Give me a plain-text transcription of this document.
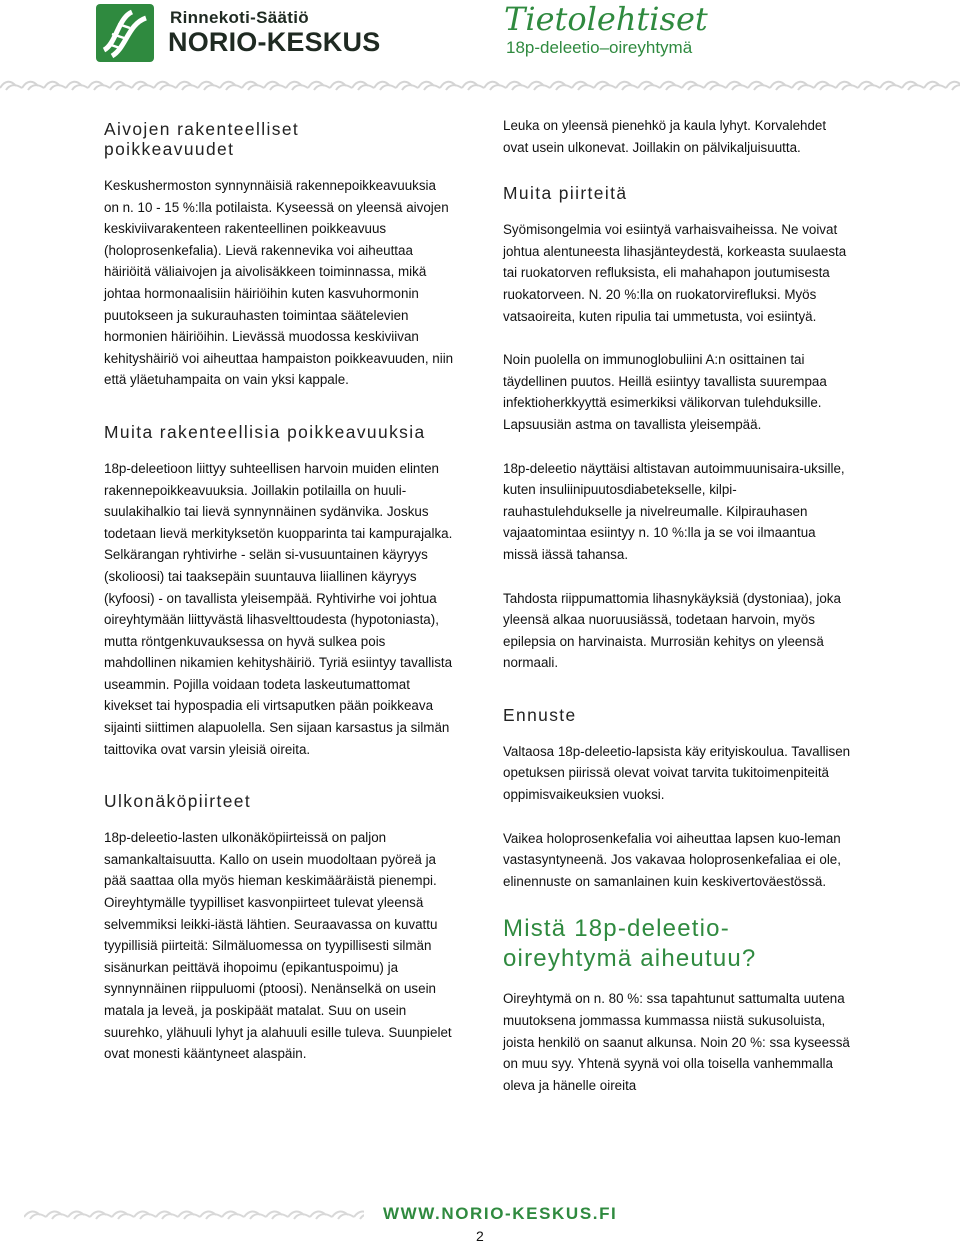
Rinnekoti-Säätiö
NORIO-KESKUS
Tietolehtiset
18p-deleetio–oireyhtymä
Aivojen rakenteelliset poikkeavuudet

Keskushermoston synnynnäisiä rakennepoikkeavuuksia on n. 10 - 15 %:lla potilaista. Kyseessä on yleensä aivojen keskiviivarakenteen rakenteellinen poikkeavuus (holoprosenkefalia). Lievä rakennevika voi aiheuttaa häiriöitä väliaivojen ja aivolisäkkeen toiminnassa, mikä johtaa hormonaalisiin häiriöihin kuten kasvuhormonin puutokseen ja sukurauhasten toimintaa säätelevien hormonien häiriöihin. Lievässä muodossa keskiviivan kehityshäiriö voi aiheuttaa hampaiston poikkeavuuden, niin että yläetuhampaita on vain yksi kappale.

Muita rakenteellisia poikkeavuuksia

18p-deleetioon liittyy suhteellisen harvoin muiden elinten rakennepoikkeavuuksia. Joillakin potilailla on huuli-suulakihalkio tai lievä synnynnäinen sydänvika. Joskus todetaan lievä merkityksetön kuopparinta tai kampurajalka. Selkärangan ryhtivirhe - selän si-vusuuntainen käyryys (skolioosi) tai taaksepäin suuntauva liiallinen käyryys (kyfoosi) - on tavallista yleisempää. Ryhtivirhe voi johtua oireyhtymään liittyvästä lihasvelttoudesta (hypotoniasta), mutta röntgenkuvauksessa on hyvä sulkea pois mahdollinen nikamien kehityshäiriö. Tyriä esiintyy tavallista useammin. Pojilla voidaan todeta laskeutumattomat kivekset tai hypospadia eli virtsaputken pään poikkeava sijainti siittimen alapuolella. Sen sijaan karsastus ja silmän taittovika ovat varsin yleisiä oireita.

Ulkonäköpiirteet

18p-deleetio-lasten ulkonäköpiirteissä on paljon samankaltaisuutta. Kallo on usein muodoltaan pyöreä ja pää saattaa olla myös hieman keskimääräistä pienempi. Oireyhtymälle tyypilliset kasvonpiirteet tulevat yleensä selvemmiksi leikki-iästä lähtien. Seuraavassa on kuvattu tyypillisiä piirteitä: Silmäluomessa on tyypillisesti silmän sisänurkan peittävä ihopoimu (epikantuspoimu) ja synnynnäinen riippuluomi (ptoosi). Nenänselkä on usein matala ja leveä, ja poskipäät matalat. Suu on usein suurehko, ylähuuli lyhyt ja alahuuli esille tuleva. Suunpielet ovat monesti kääntyneet alaspäin.

Leuka on yleensä pienehkö ja kaula lyhyt. Korvalehdet ovat usein ulkonevat. Joillakin on pälvikaljuisuutta.

Muita piirteitä

Syömisongelmia voi esiintyä varhaisvaiheissa. Ne voivat johtua alentuneesta lihasjänteydestä, korkeasta suulaesta tai ruokatorven refluksista, eli mahahapon joutumisesta ruokatorveen. N. 20 %:lla on ruokatorvirefluksi. Myös vatsaoireita, kuten ripulia tai ummetusta, voi esiintyä.

Noin puolella on immunoglobuliini A:n osittainen tai täydellinen puutos. Heillä esiintyy tavallista suurempaa infektioherkkyyttä esimerkiksi välikorvan tulehduksille. Lapsuusiän astma on tavallista yleisempää.

18p-deleetio näyttäisi altistavan autoimmuunisaira-uksille, kuten insuliinipuutosdiabetekselle, kilpi-rauhastulehdukselle ja nivelreumalle. Kilpirauhasen vajaatomintaa esiintyy n. 10 %:lla ja se voi ilmaantua missä iässä tahansa.

Tahdosta riippumattomia lihasnykäyksiä (dystoniaa), joka yleensä alkaa nuoruusiässä, todetaan harvoin, myös epilepsia on harvinaista. Murrosiän kehitys on yleensä normaali.

Ennuste

Valtaosa 18p-deleetio-lapsista käy erityiskoulua. Tavallisen opetuksen piirissä olevat voivat tarvita tukitoimenpiteitä oppimisvaikeuksien vuoksi.

Vaikea holoprosenkefalia voi aiheuttaa lapsen kuo-leman vastasyntyneenä. Jos vakavaa holoprosenkefaliaa ei ole, elinennuste on samanlainen kuin keskivertoväestössä.

Mistä 18p-deleetio-oireyhtymä aiheutuu?

Oireyhtymä on n. 80 %: ssa tapahtunut sattumalta uutena muutoksena jommassa kummassa niistä sukusoluista, joista henkilö on saanut alkunsa. Noin 20 %: ssa kyseessä on muu syy. Yhtenä syynä voi olla toisella vanhemmalla oleva ja hänelle oireita

WWW.NORIO-KESKUS.FI
2
